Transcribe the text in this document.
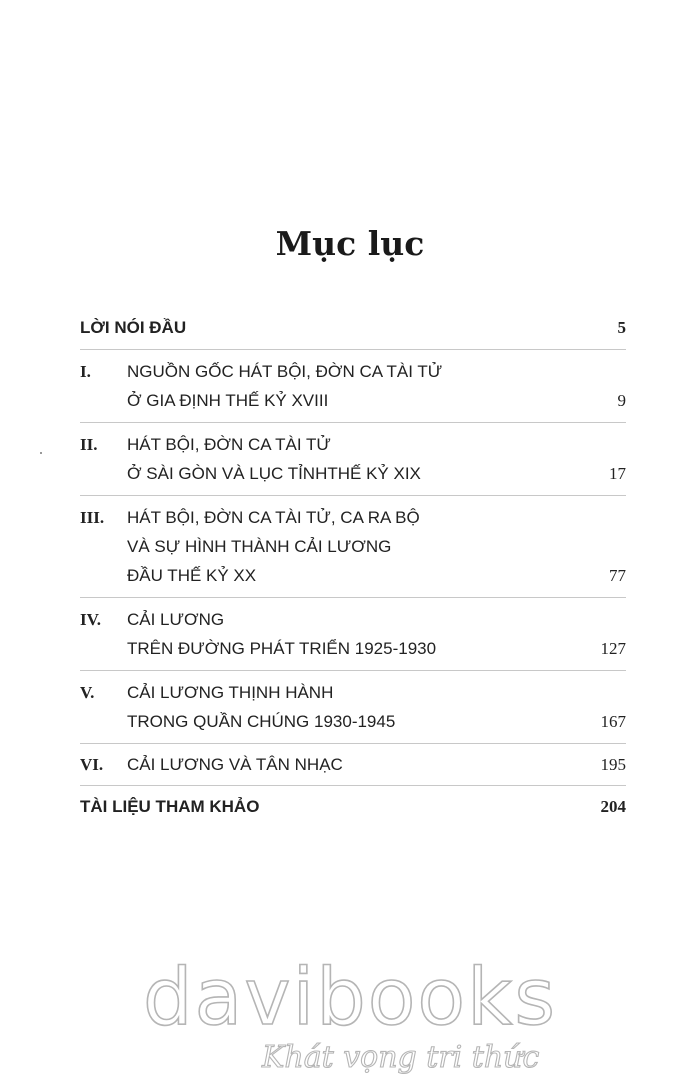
Mục lục
LỜI NÓI ĐẦU	5
I. NGUỒN GỐC HÁT BỘI, ĐỜN CA TÀI TỬ
Ở GIA ĐỊNH THẾ KỶ XVIII	9
II. HÁT BỘI, ĐỜN CA TÀI TỬ
Ở SÀI GÒN VÀ LỤC TỈNHTHẾ KỶ XIX	17
III. HÁT BỘI, ĐỜN CA TÀI TỬ, CA RA BỘ
VÀ SỰ HÌNH THÀNH CẢI LƯƠNG
ĐẦU THẾ KỶ XX	77
IV. CẢI LƯƠNG
TRÊN ĐƯỜNG PHÁT TRIỂN 1925-1930	127
V. CẢI LƯƠNG THỊNH HÀNH
TRONG QUẦN CHÚNG 1930-1945	167
VI. CẢI LƯƠNG VÀ TÂN NHẠC	195
TÀI LIỆU THAM KHẢO	204
davibooks
Khát vọng tri thức
